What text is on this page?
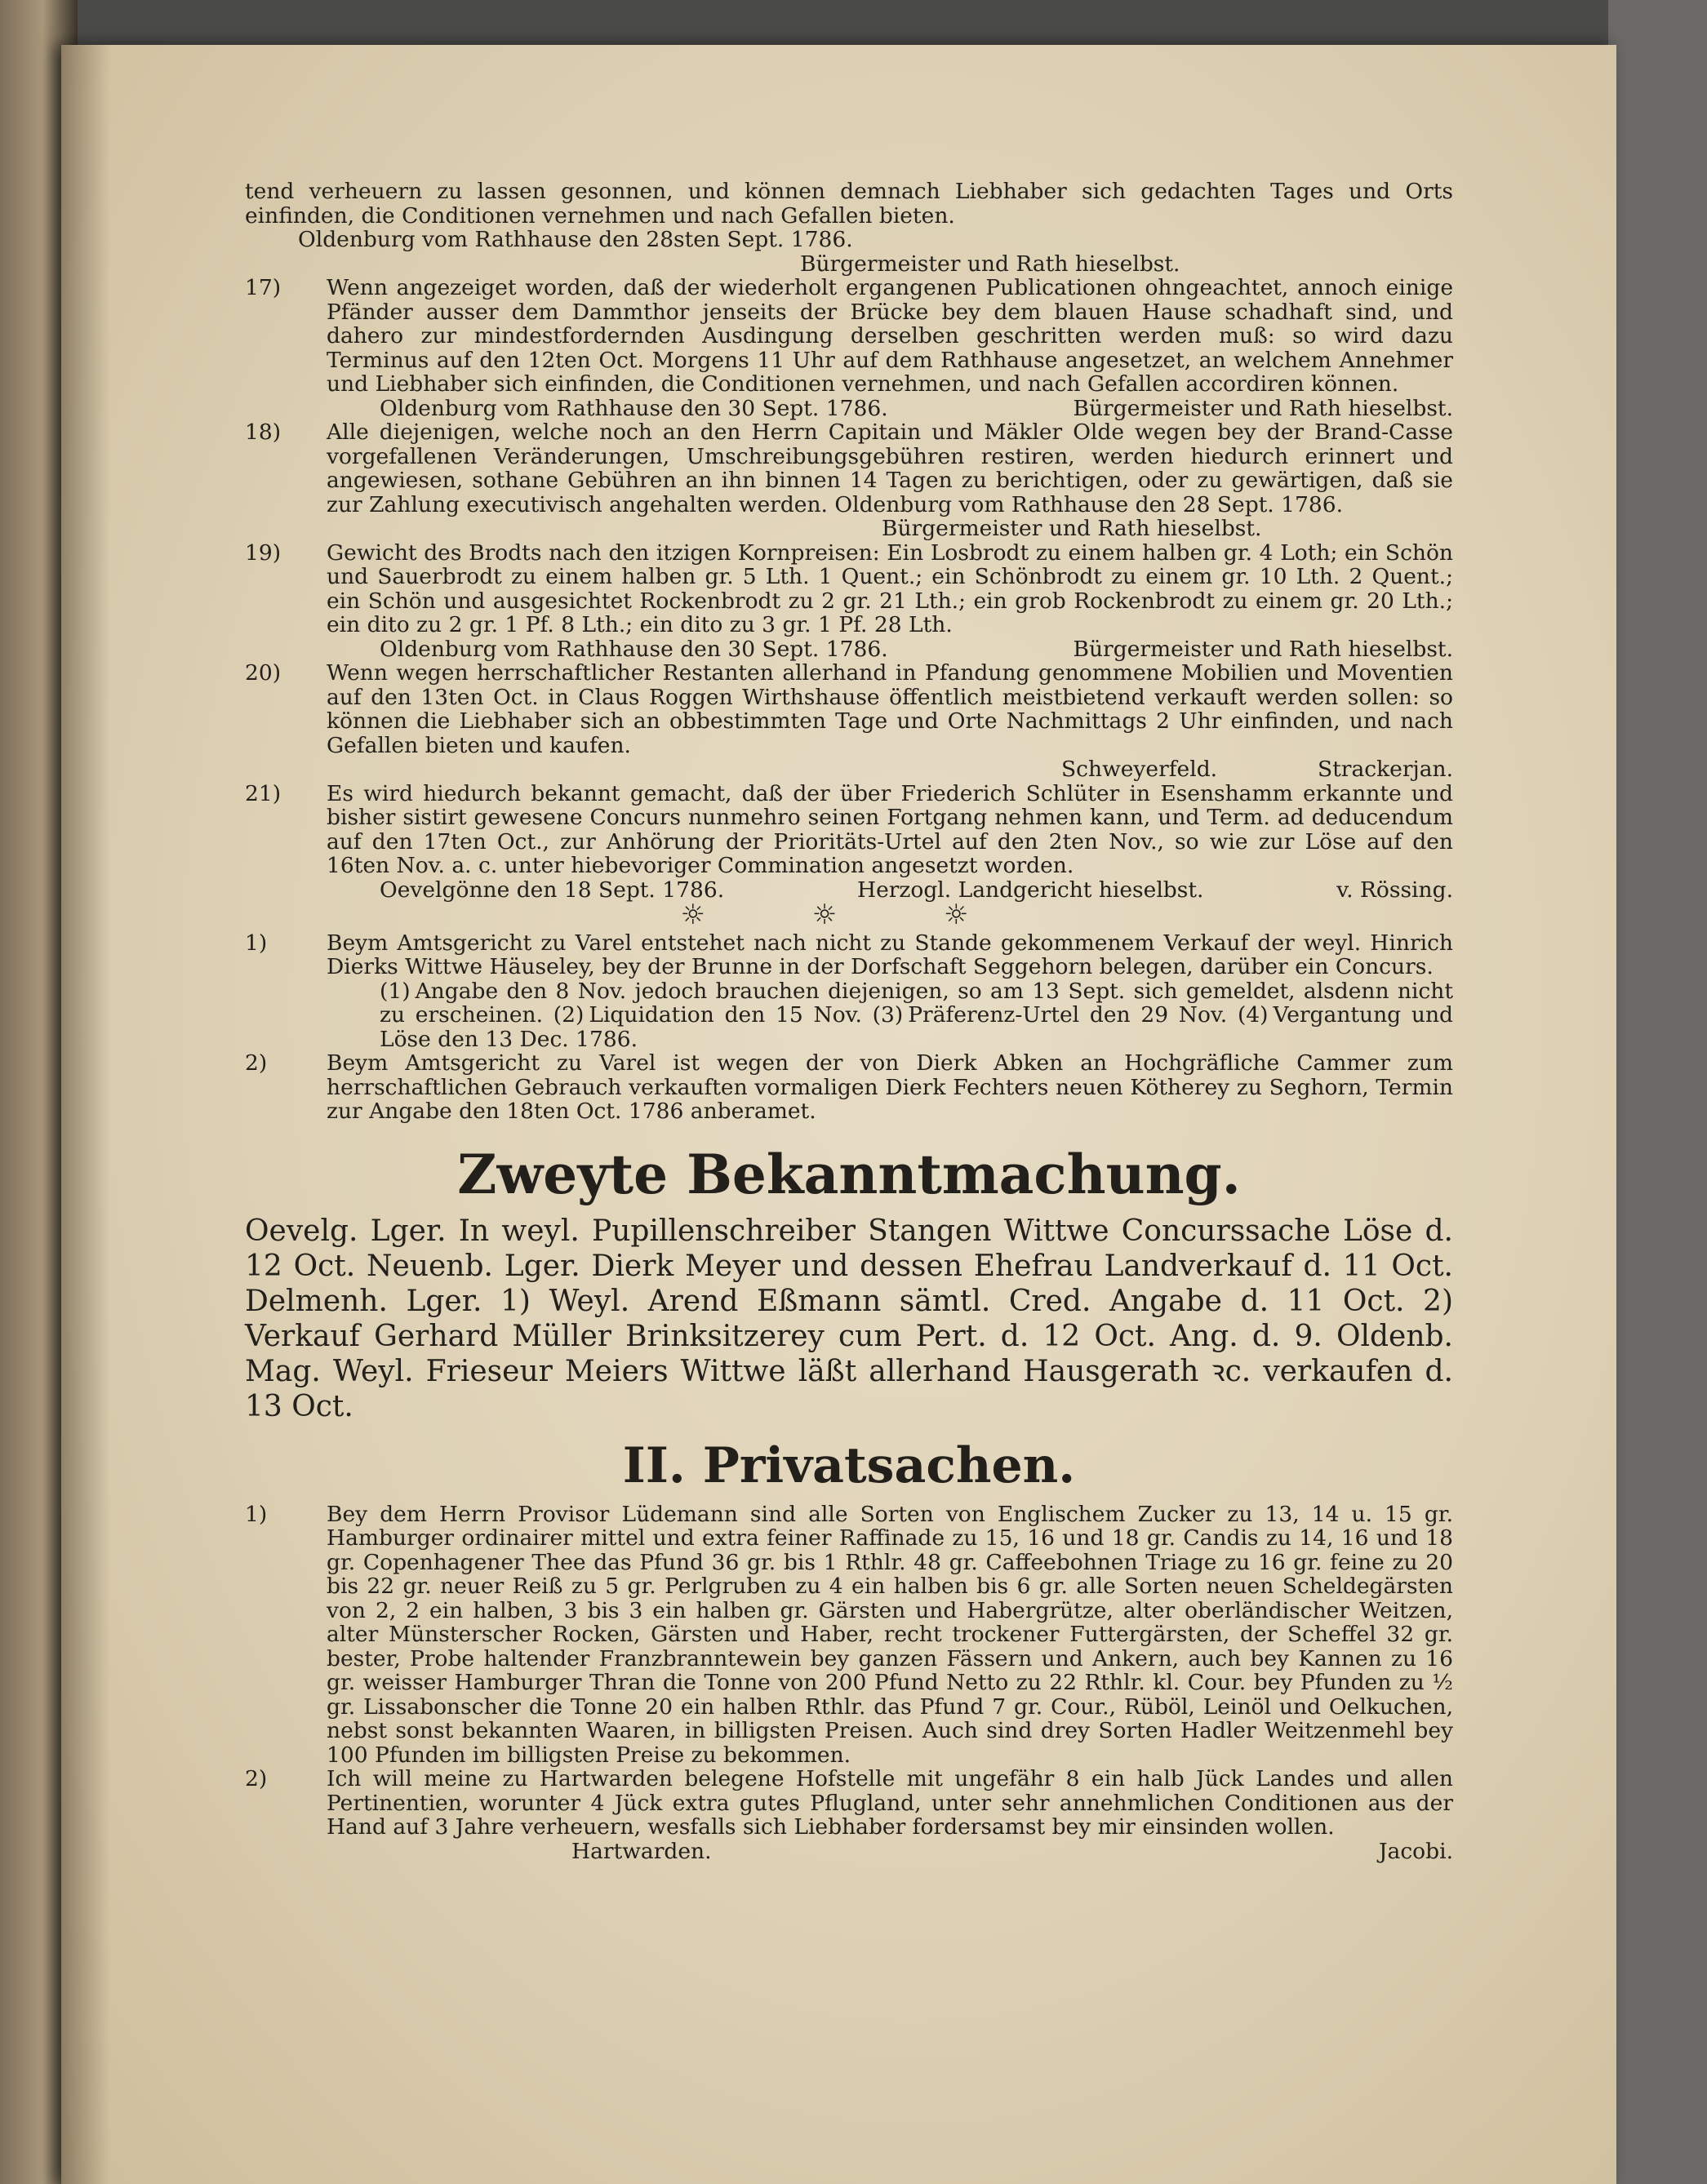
tend verheuern zu lassen gesonnen, und können demnach Liebhaber sich gedachten Tages und Orts einfinden, die Conditionen vernehmen und nach Gefallen bieten.

Oldenburg vom Rathhause den 28sten Sept. 1786.

Bürgermeister und Rath hieselbst.

17) Wenn angezeiget worden, daß der wiederholt ergangenen Publicationen ohngeachtet, annoch einige Pfänder ausser dem Dammthor jenseits der Brücke bey dem blauen Hause schadhaft sind, und dahero zur mindestfordernden Ausdingung derselben geschritten werden muß: so wird dazu Terminus auf den 12ten Oct. Morgens 11 Uhr auf dem Rathhause angesetzet, an welchem Annehmer und Liebhaber sich einfinden, die Conditionen vernehmen, und nach Gefallen accordiren können.

Oldenburg vom Rathhause den 30 Sept. 1786.	Bürgermeister und Rath hieselbst.
18) Alle diejenigen, welche noch an den Herrn Capitain und Mäkler Olde wegen bey der Brand-Casse vorgefallenen Veränderungen, Umschreibungsgebühren restiren, werden hiedurch erinnert und angewiesen, sothane Gebühren an ihn binnen 14 Tagen zu berichtigen, oder zu gewärtigen, daß sie zur Zahlung executivisch angehalten werden. Oldenburg vom Rathhause den 28 Sept. 1786.

Bürgermeister und Rath hieselbst.

19) Gewicht des Brodts nach den itzigen Kornpreisen: Ein Losbrodt zu einem halben gr. 4 Loth; ein Schön und Sauerbrodt zu einem halben gr. 5 Lth. 1 Quent.; ein Schönbrodt zu einem gr. 10 Lth. 2 Quent.; ein Schön und ausgesichtet Rockenbrodt zu 2 gr. 21 Lth.; ein grob Rockenbrodt zu einem gr. 20 Lth.; ein dito zu 2 gr. 1 Pf. 8 Lth.; ein dito zu 3 gr. 1 Pf. 28 Lth.

Oldenburg vom Rathhause den 30 Sept. 1786.	Bürgermeister und Rath hieselbst.
20) Wenn wegen herrschaftlicher Restanten allerhand in Pfandung genommene Mobilien und Moventien auf den 13ten Oct. in Claus Roggen Wirthshause öffentlich meistbietend verkauft werden sollen: so können die Liebhaber sich an obbestimmten Tage und Orte Nachmittags 2 Uhr einfinden, und nach Gefallen bieten und kaufen.

Schweyerfeld.	Strackerjan.
21) Es wird hiedurch bekannt gemacht, daß der über Friederich Schlüter in Esenshamm erkannte und bisher sistirt gewesene Concurs nunmehro seinen Fortgang nehmen kann, und Term. ad deducendum auf den 17ten Oct., zur Anhörung der Prioritäts-Urtel auf den 2ten Nov., so wie zur Löse auf den 16ten Nov. a. c. unter hiebevoriger Commination angesetzt worden.

Oevelgönne den 18 Sept. 1786.	Herzogl. Landgericht hieselbst.	v. Rössing.
☼ ☼ ☼
1)	Beym Amtsgericht zu Varel entstehet nach nicht zu Stande gekommenem Verkauf der weyl. Hinrich Dierks Wittwe Häuseley, bey der Brunne in der Dorfschaft Seggehorn belegen, darüber ein Concurs.

(1) Angabe den 8 Nov. jedoch brauchen diejenigen, so am 13 Sept. sich gemeldet, alsdenn nicht zu erscheinen. (2) Liquidation den 15 Nov. (3) Präferenz-Urtel den 29 Nov. (4) Vergantung und Löse den 13 Dec. 1786.

2)	Beym Amtsgericht zu Varel ist wegen der von Dierk Abken an Hochgräfliche Cammer zum herrschaftlichen Gebrauch verkauften vormaligen Dierk Fechters neuen Kötherey zu Seghorn, Termin zur Angabe den 18ten Oct. 1786 anberamet.

Zweyte Bekanntmachung.

Oevelg. Lger. In weyl. Pupillenschreiber Stangen Wittwe Concurssache Löse d. 12 Oct. Neuenb. Lger. Dierk Meyer und dessen Ehefrau Landverkauf d. 11 Oct. Delmenh. Lger. 1) Weyl. Arend Eßmann sämtl. Cred. Angabe d. 11 Oct. 2) Verkauf Gerhard Müller Brinksitzerey cum Pert. d. 12 Oct. Ang. d. 9. Oldenb. Mag. Weyl. Frieseur Meiers Wittwe läßt allerhand Hausgerath ꝛc. verkaufen d. 13 Oct.

II. Privatsachen.
1)	Bey dem Herrn Provisor Lüdemann sind alle Sorten von Englischem Zucker zu 13, 14 u. 15 gr. Hamburger ordinairer mittel und extra feiner Raffinade zu 15, 16 und 18 gr. Candis zu 14, 16 und 18 gr. Copenhagener Thee das Pfund 36 gr. bis 1 Rthlr. 48 gr. Caffeebohnen Triage zu 16 gr. feine zu 20 bis 22 gr. neuer Reiß zu 5 gr. Perlgruben zu 4 ein halben bis 6 gr. alle Sorten neuen Scheldegärsten von 2, 2 ein halben, 3 bis 3 ein halben gr. Gärsten und Habergrütze, alter oberländischer Weitzen, alter Münsterscher Rocken, Gärsten und Haber, recht trockener Futtergärsten, der Scheffel 32 gr. bester, Probe haltender Franzbranntewein bey ganzen Fässern und Ankern, auch bey Kannen zu 16 gr. weisser Hamburger Thran die Tonne von 200 Pfund Netto zu 22 Rthlr. kl. Cour. bey Pfunden zu ½ gr. Lissabonscher die Tonne 20 ein halben Rthlr. das Pfund 7 gr. Cour., Rüböl, Leinöl und Oelkuchen, nebst sonst bekannten Waaren, in billigsten Preisen. Auch sind drey Sorten Hadler Weitzenmehl bey 100 Pfunden im billigsten Preise zu bekommen.

2)	Ich will meine zu Hartwarden belegene Hofstelle mit ungefähr 8 ein halb Jück Landes und allen Pertinentien, worunter 4 Jück extra gutes Pflugland, unter sehr annehmlichen Conditionen aus der Hand auf 3 Jahre verheuern, wesfalls sich Liebhaber fordersamst bey mir einsinden wollen.

Hartwarden.	Jacobi.
